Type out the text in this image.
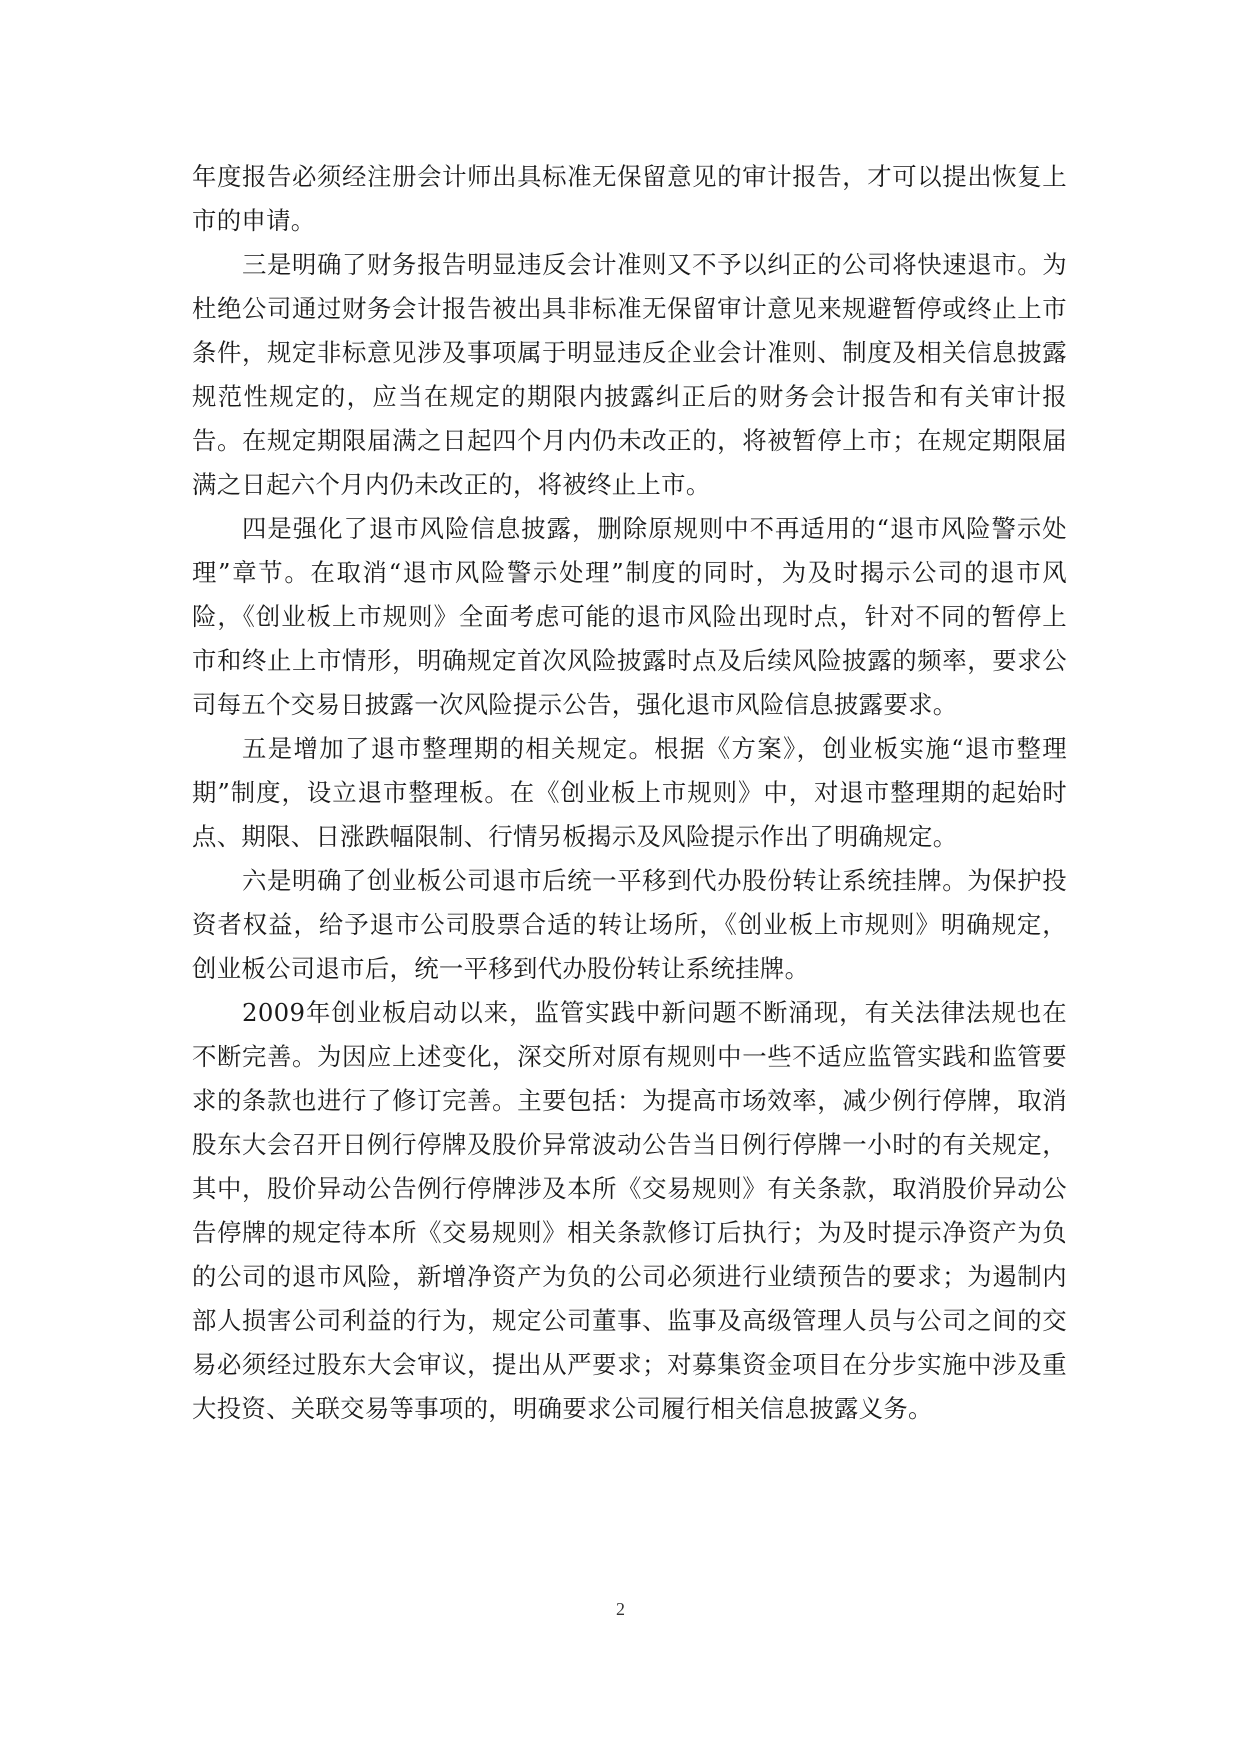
年度报告必须经注册会计师出具标准无保留意见的审计报告，才可以提出恢复上市的申请。

三是明确了财务报告明显违反会计准则又不予以纠正的公司将快速退市。为杜绝公司通过财务会计报告被出具非标准无保留审计意见来规避暂停或终止上市条件，规定非标意见涉及事项属于明显违反企业会计准则、制度及相关信息披露规范性规定的，应当在规定的期限内披露纠正后的财务会计报告和有关审计报告。在规定期限届满之日起四个月内仍未改正的，将被暂停上市；在规定期限届满之日起六个月内仍未改正的，将被终止上市。

四是强化了退市风险信息披露，删除原规则中不再适用的“退市风险警示处理”章节。在取消“退市风险警示处理”制度的同时，为及时揭示公司的退市风险，《创业板上市规则》全面考虑可能的退市风险出现时点，针对不同的暂停上市和终止上市情形，明确规定首次风险披露时点及后续风险披露的频率，要求公司每五个交易日披露一次风险提示公告，强化退市风险信息披露要求。

五是增加了退市整理期的相关规定。根据《方案》，创业板实施“退市整理期”制度，设立退市整理板。在《创业板上市规则》中，对退市整理期的起始时点、期限、日涨跌幅限制、行情另板揭示及风险提示作出了明确规定。

六是明确了创业板公司退市后统一平移到代办股份转让系统挂牌。为保护投资者权益，给予退市公司股票合适的转让场所，《创业板上市规则》明确规定，创业板公司退市后，统一平移到代办股份转让系统挂牌。

2009年创业板启动以来，监管实践中新问题不断涌现，有关法律法规也在不断完善。为因应上述变化，深交所对原有规则中一些不适应监管实践和监管要求的条款也进行了修订完善。主要包括：为提高市场效率，减少例行停牌，取消股东大会召开日例行停牌及股价异常波动公告当日例行停牌一小时的有关规定，其中，股价异动公告例行停牌涉及本所《交易规则》有关条款，取消股价异动公告停牌的规定待本所《交易规则》相关条款修订后执行；为及时提示净资产为负的公司的退市风险，新增净资产为负的公司必须进行业绩预告的要求；为遏制内部人损害公司利益的行为，规定公司董事、监事及高级管理人员与公司之间的交易必须经过股东大会审议，提出从严要求；对募集资金项目在分步实施中涉及重大投资、关联交易等事项的，明确要求公司履行相关信息披露义务。

2
